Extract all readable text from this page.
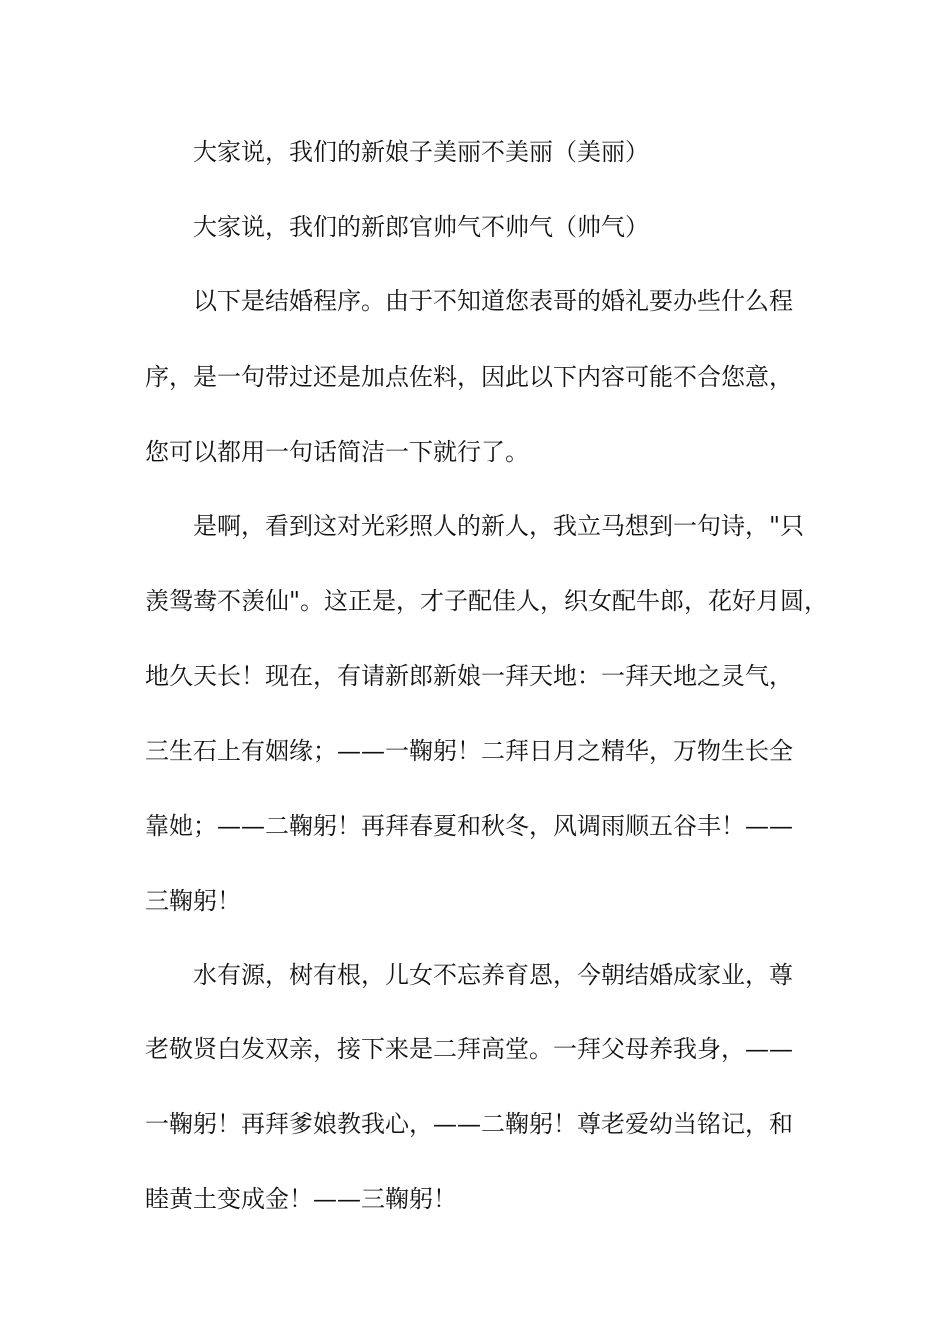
大家说，我们的新娘子美丽不美丽（美丽）

大家说，我们的新郎官帅气不帅气（帅气）

以下是结婚程序。由于不知道您表哥的婚礼要办些什么程

序，是一句带过还是加点佐料，因此以下内容可能不合您意，

您可以都用一句话简洁一下就行了。

是啊，看到这对光彩照人的新人，我立马想到一句诗，"只

羡鸳鸯不羡仙"。这正是，才子配佳人，织女配牛郎，花好月圆，

地久天长！现在，有请新郎新娘一拜天地：一拜天地之灵气，

三生石上有姻缘；——一鞠躬！二拜日月之精华，万物生长全

靠她；——二鞠躬！再拜春夏和秋冬，风调雨顺五谷丰！——

三鞠躬！

水有源，树有根，儿女不忘养育恩，今朝结婚成家业，尊

老敬贤白发双亲，接下来是二拜高堂。一拜父母养我身，——

一鞠躬！再拜爹娘教我心，——二鞠躬！尊老爱幼当铭记，和

睦黄土变成金！——三鞠躬！
